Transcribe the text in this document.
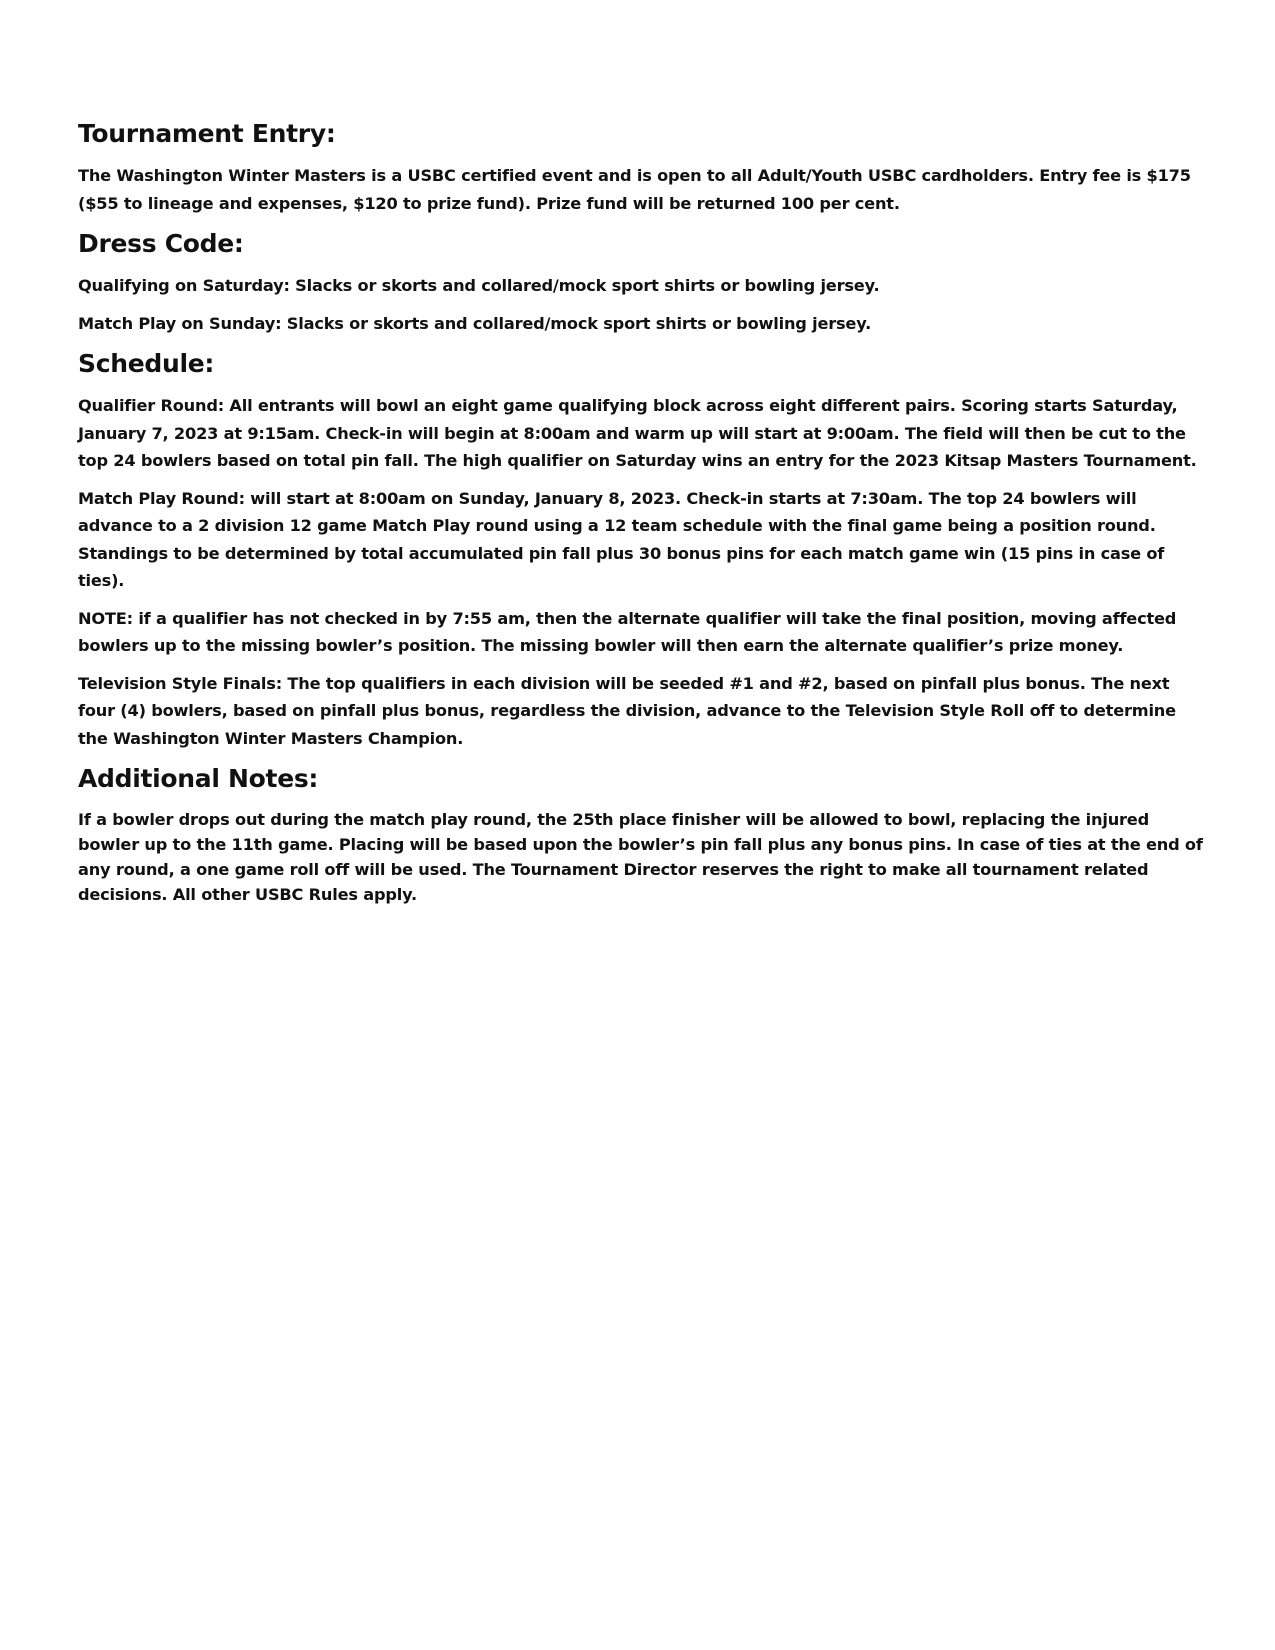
Tournament Entry:

The Washington Winter Masters is a USBC certified event and is open to all Adult/Youth USBC cardholders. Entry fee is $175 ($55 to lineage and expenses, $120 to prize fund). Prize fund will be returned 100 per cent.

Dress Code:

Qualifying on Saturday: Slacks or skorts and collared/mock sport shirts or bowling jersey.

Match Play on Sunday: Slacks or skorts and collared/mock sport shirts or bowling jersey.

Schedule:

Qualifier Round: All entrants will bowl an eight game qualifying block across eight different pairs. Scoring starts Saturday, January 7, 2023 at 9:15am. Check-in will begin at 8:00am and warm up will start at 9:00am. The field will then be cut to the top 24 bowlers based on total pin fall. The high qualifier on Saturday wins an entry for the 2023 Kitsap Masters Tournament.

Match Play Round: will start at 8:00am on Sunday, January 8, 2023. Check-in starts at 7:30am. The top 24 bowlers will advance to a 2 division 12 game Match Play round using a 12 team schedule with the final game being a position round. Standings to be determined by total accumulated pin fall plus 30 bonus pins for each match game win (15 pins in case of ties).

NOTE: if a qualifier has not checked in by 7:55 am, then the alternate qualifier will take the final position, moving affected bowlers up to the missing bowler’s position. The missing bowler will then earn the alternate qualifier’s prize money.

Television Style Finals: The top qualifiers in each division will be seeded #1 and #2, based on pinfall plus bonus. The next four (4) bowlers, based on pinfall plus bonus, regardless the division, advance to the Television Style Roll off to determine the Washington Winter Masters Champion.

Additional Notes:

If a bowler drops out during the match play round, the 25th place finisher will be allowed to bowl, replacing the injured bowler up to the 11th game. Placing will be based upon the bowler’s pin fall plus any bonus pins. In case of ties at the end of any round, a one game roll off will be used. The Tournament Director reserves the right to make all tournament related decisions. All other USBC Rules apply.
